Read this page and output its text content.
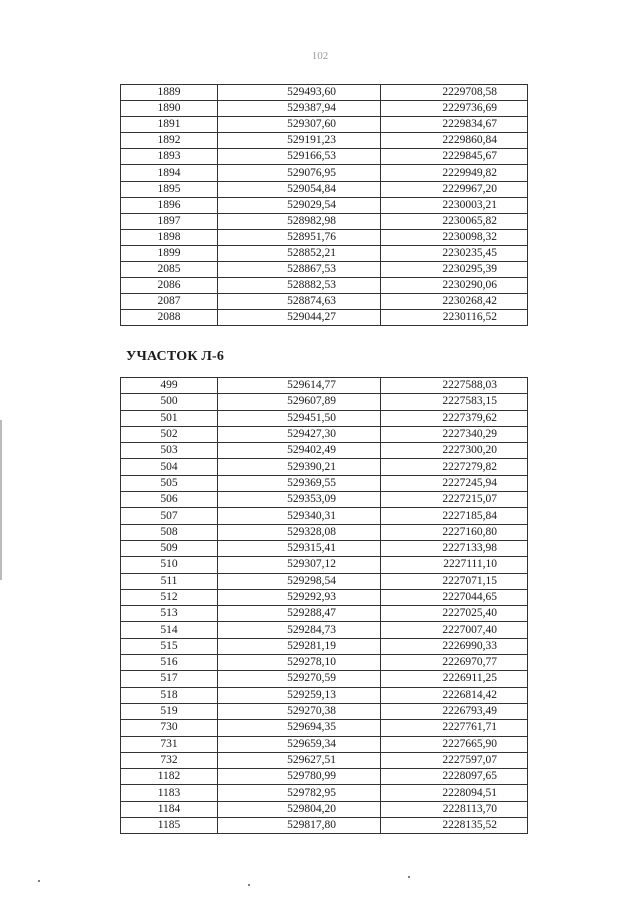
102
1889	529493,60	2229708,58
1890	529387,94	2229736,69
1891	529307,60	2229834,67
1892	529191,23	2229860,84
1893	529166,53	2229845,67
1894	529076,95	2229949,82
1895	529054,84	2229967,20
1896	529029,54	2230003,21
1897	528982,98	2230065,82
1898	528951,76	2230098,32
1899	528852,21	2230235,45
2085	528867,53	2230295,39
2086	528882,53	2230290,06
2087	528874,63	2230268,42
2088	529044,27	2230116,52
УЧАСТОК Л-6
499	529614,77	2227588,03
500	529607,89	2227583,15
501	529451,50	2227379,62
502	529427,30	2227340,29
503	529402,49	2227300,20
504	529390,21	2227279,82
505	529369,55	2227245,94
506	529353,09	2227215,07
507	529340,31	2227185,84
508	529328,08	2227160,80
509	529315,41	2227133,98
510	529307,12	2227111,10
511	529298,54	2227071,15
512	529292,93	2227044,65
513	529288,47	2227025,40
514	529284,73	2227007,40
515	529281,19	2226990,33
516	529278,10	2226970,77
517	529270,59	2226911,25
518	529259,13	2226814,42
519	529270,38	2226793,49
730	529694,35	2227761,71
731	529659,34	2227665,90
732	529627,51	2227597,07
1182	529780,99	2228097,65
1183	529782,95	2228094,51
1184	529804,20	2228113,70
1185	529817,80	2228135,52
